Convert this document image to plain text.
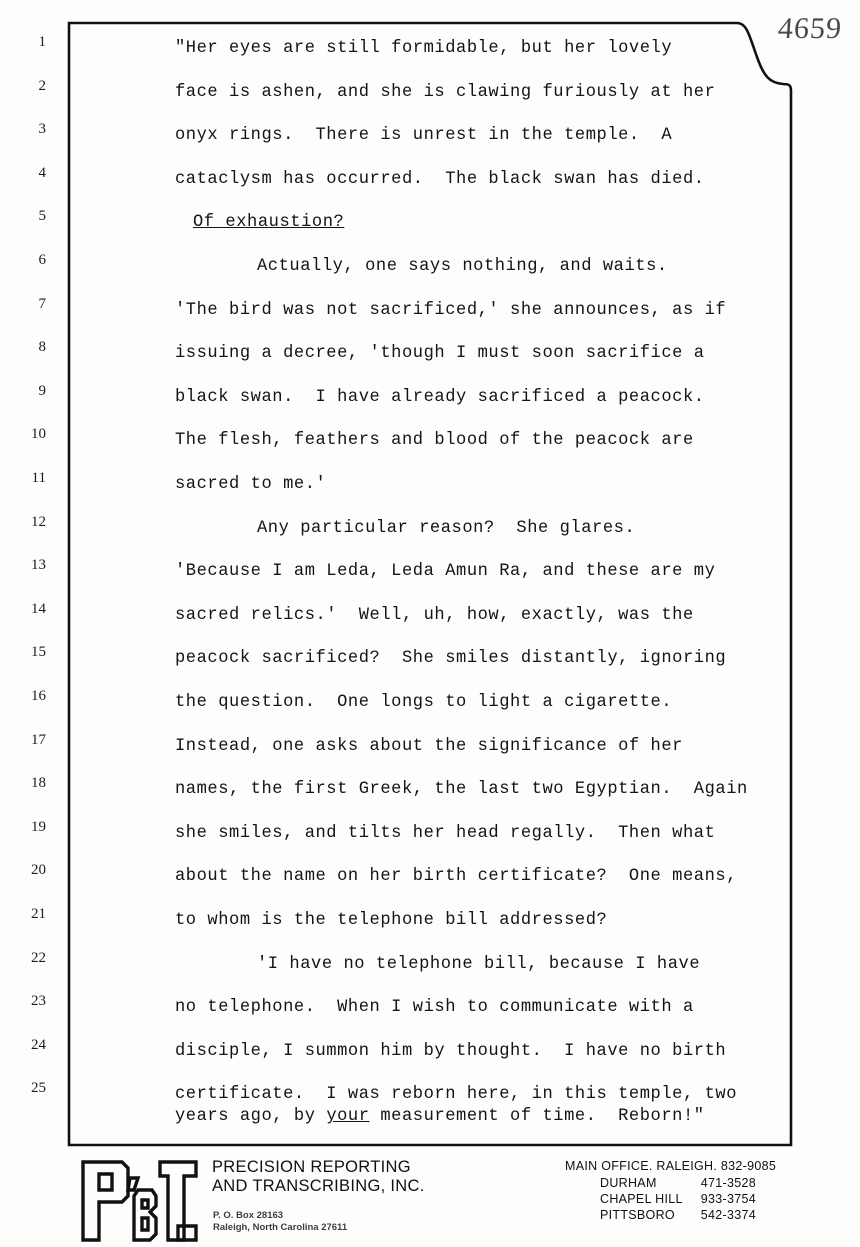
4659
1
2
3
4
5
6
7
8
9
10
11
12
13
14
15
16
17
18
19
20
21
22
23
24
25
"Her eyes are still formidable, but her lovely
face is ashen, and she is clawing furiously at her
onyx rings.  There is unrest in the temple.  A
cataclysm has occurred.  The black swan has died.
Of exhaustion?
Actually, one says nothing, and waits.
'The bird was not sacrificed,' she announces, as if
issuing a decree, 'though I must soon sacrifice a
black swan.  I have already sacrificed a peacock.
The flesh, feathers and blood of the peacock are
sacred to me.'
Any particular reason?  She glares.
'Because I am Leda, Leda Amun Ra, and these are my
sacred relics.'  Well, uh, how, exactly, was the
peacock sacrificed?  She smiles distantly, ignoring
the question.  One longs to light a cigarette.
Instead, one asks about the significance of her
names, the first Greek, the last two Egyptian.  Again
she smiles, and tilts her head regally.  Then what
about the name on her birth certificate?  One means,
to whom is the telephone bill addressed?
'I have no telephone bill, because I have
no telephone.  When I wish to communicate with a
disciple, I summon him by thought.  I have no birth
certificate.  I was reborn here, in this temple, two
years ago, by your measurement of time.  Reborn!"
PRECISION REPORTING
AND TRANSCRIBING, INC.
P. O. Box 28163
Raleigh, North Carolina 27611
MAIN OFFICE. RALEIGH. 832-9085
DURHAM	471-3528
CHAPEL HILL	933-3754
PITTSBORO	542-3374
